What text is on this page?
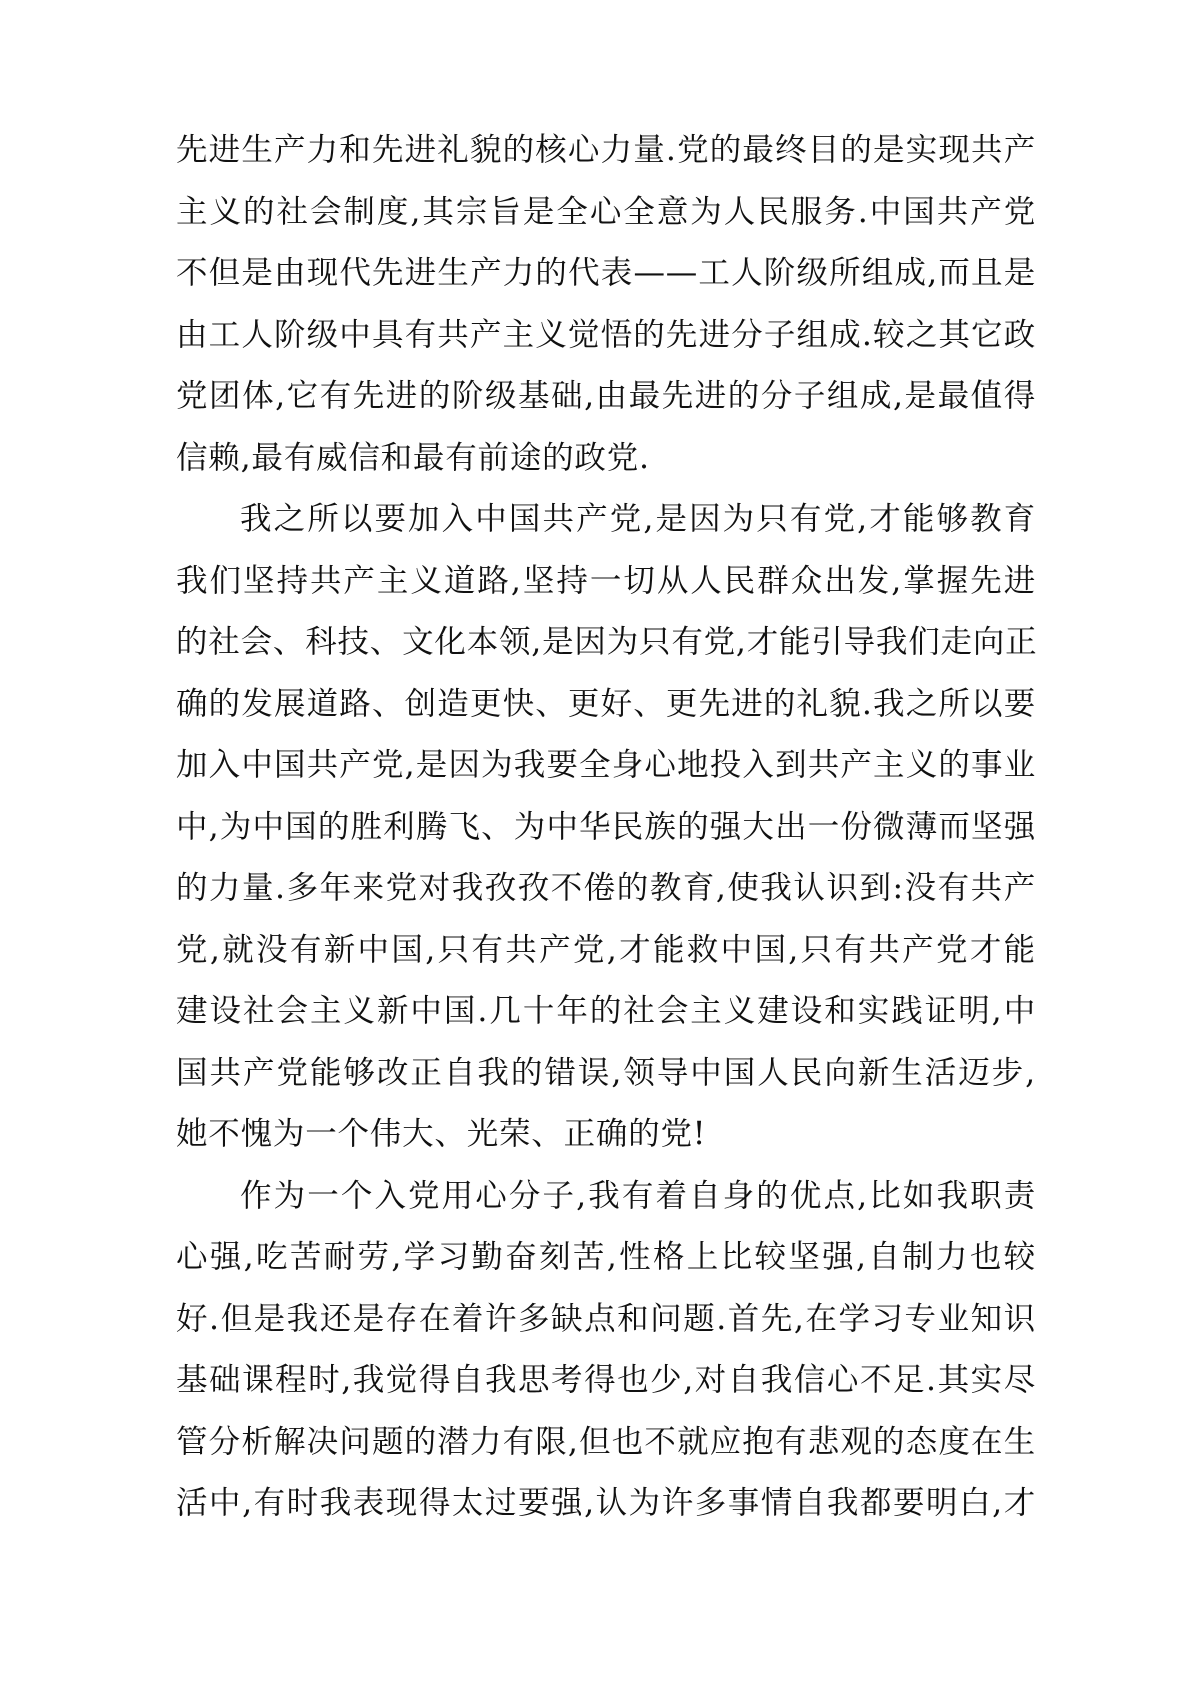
先进生产力和先进礼貌的核心力量.党的最终目的是实现共产
主义的社会制度,其宗旨是全心全意为人民服务.中国共产党
不但是由现代先进生产力的代表——工人阶级所组成,而且是
由工人阶级中具有共产主义觉悟的先进分子组成.较之其它政
党团体,它有先进的阶级基础,由最先进的分子组成,是最值得
信赖,最有威信和最有前途的政党.
我之所以要加入中国共产党,是因为只有党,才能够教育
我们坚持共产主义道路,坚持一切从人民群众出发,掌握先进
的社会、科技、文化本领,是因为只有党,才能引导我们走向正
确的发展道路、创造更快、更好、更先进的礼貌.我之所以要
加入中国共产党,是因为我要全身心地投入到共产主义的事业
中,为中国的胜利腾飞、为中华民族的强大出一份微薄而坚强
的力量.多年来党对我孜孜不倦的教育,使我认识到:没有共产
党,就没有新中国,只有共产党,才能救中国,只有共产党才能
建设社会主义新中国.几十年的社会主义建设和实践证明,中
国共产党能够改正自我的错误,领导中国人民向新生活迈步,
她不愧为一个伟大、光荣、正确的党!
作为一个入党用心分子,我有着自身的优点,比如我职责
心强,吃苦耐劳,学习勤奋刻苦,性格上比较坚强,自制力也较
好.但是我还是存在着许多缺点和问题.首先,在学习专业知识
基础课程时,我觉得自我思考得也少,对自我信心不足.其实尽
管分析解决问题的潜力有限,但也不就应抱有悲观的态度在生
活中,有时我表现得太过要强,认为许多事情自我都要明白,才
